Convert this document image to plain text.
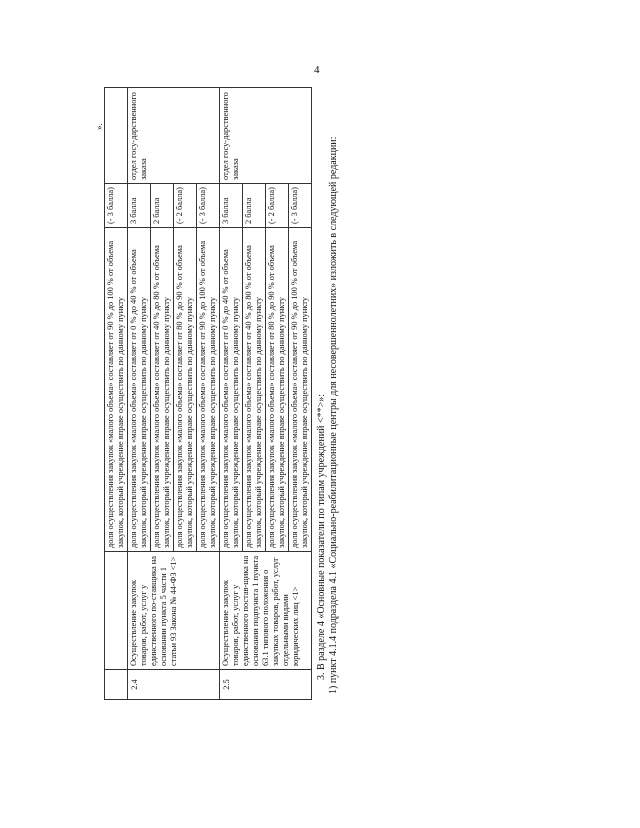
4
».
		доля осуществления закупок «малого объема» составляет от 90 % до 100 % от объема закупок, который учреждение вправе осуществить по данному пункту	(- 3 балла)	
2.4	Осуществление закупок товаров, работ, услуг у единственного по-ставщика на основании пункта 5 части 1 статьи 93 Закона № 44-ФЗ <1>	доля осуществления закупок «малого объема» составляет от 0 % до 40 % от объема закупок, который учреждение вправе осуществить по данному пункту	3 балла	отдел госу-дарственного заказа
		доля осуществления закупок «малого объема» составляет от 40 % до 80 % от объема закупок, который учреждение вправе осуществить по данному пункту	2 балла	
		доля осуществления закупок «малого объема» составляет от 80 % до 90 % от объема закупок, который учреждение вправе осуществить по данному пункту	(- 2 балла)	
		доля осуществления закупок «малого объема» составляет от 90 % до 100 % от объема закупок, который учреждение вправе осуществить по данному пункту	(- 3 балла)	
2.5	Осуществление закупок товаров, работ, услуг у единственного постав-щика на основании подпункта 1 пункта 63.1 типового положения о закупках товаров, работ, услуг отдельными видами юридических лиц <1>	доля осуществления закупок «малого объема» составляет от 0 % до 40 % от объема закупок, который учреждение вправе осуществить по данному пункту	3 балла	отдел госу-дарственного заказа
		доля осуществления закупок «малого объема» составляет от 40 % до 80 % от объема закупок, который учреждение вправе осуществить по данному пункту	2 балла	
		доля осуществления закупок «малого объема» составляет от 80 % до 90 % от объема закупок, который учреждение вправе осуществить по данному пункту	(- 2 балла)	
		доля осуществления закупок «малого объема» составляет от 90 % до 100 % от объема закупок, который учреждение вправе осуществить по данному пункту	(- 3 балла)	

3. В разделе 4 «Основные показатели по типам учреждений <**>»: 1) пункт 4.1.4 подраздела 4.1 «Социально-реабилитационные центры для несовершеннолетних» изложить в следующей редакции:
